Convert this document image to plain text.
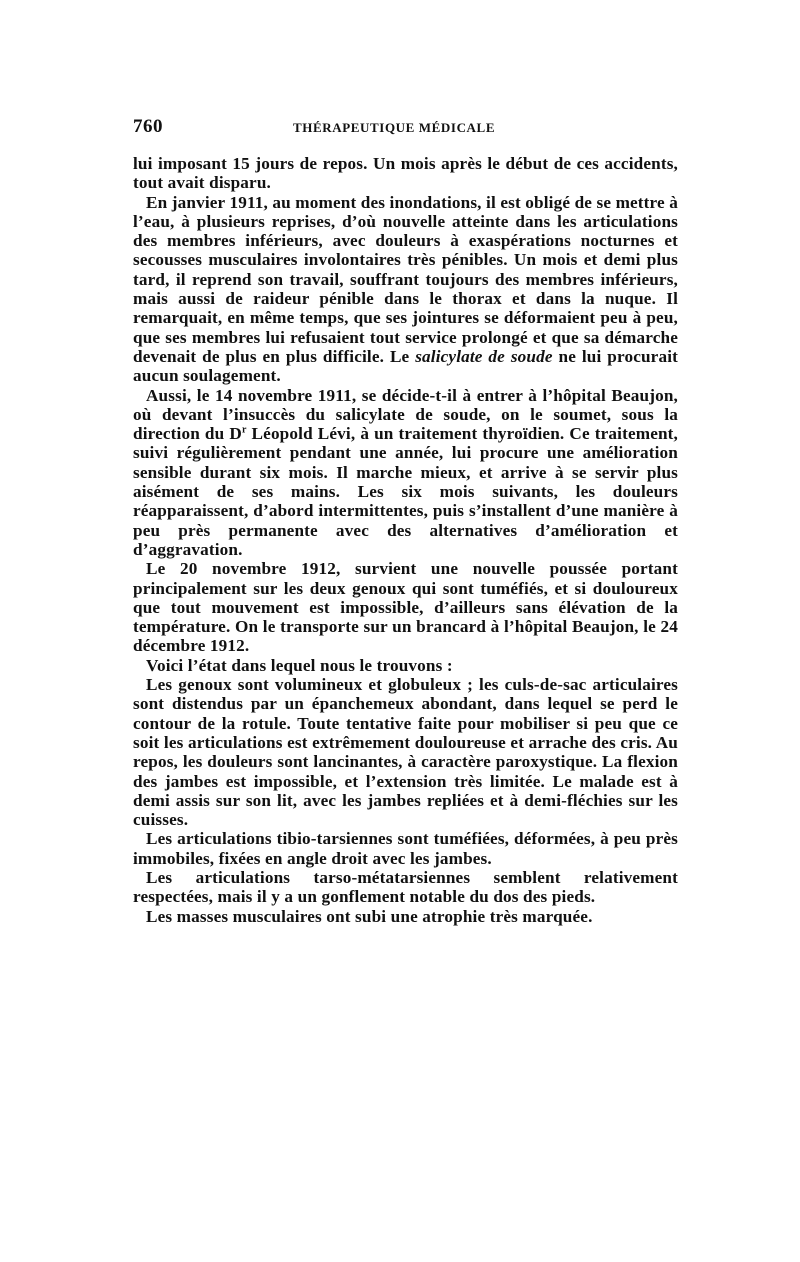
760	THÉRAPEUTIQUE MÉDICALE

lui imposant 15 jours de repos. Un mois après le début de ces accidents, tout avait disparu.

En janvier 1911, au moment des inondations, il est obligé de se mettre à l’eau, à plusieurs reprises, d’où nouvelle atteinte dans les articulations des membres inférieurs, avec douleurs à exaspérations nocturnes et secousses musculaires involontaires très pénibles. Un mois et demi plus tard, il reprend son travail, souffrant toujours des membres inférieurs, mais aussi de raideur pénible dans le thorax et dans la nuque. Il remarquait, en même temps, que ses jointures se déformaient peu à peu, que ses membres lui refusaient tout service prolongé et que sa démarche devenait de plus en plus difficile. Le salicylate de soude ne lui procurait aucun soulagement.

Aussi, le 14 novembre 1911, se décide-t-il à entrer à l’hôpital Beaujon, où devant l’insuccès du salicylate de soude, on le soumet, sous la direction du $D^r$ Léopold Lévi, à un traitement thyroïdien. Ce traitement, suivi régulièrement pendant une année, lui procure une amélioration sensible durant six mois. Il marche mieux, et arrive à se servir plus aisément de ses mains. Les six mois suivants, les douleurs réapparaissent, d’abord intermittentes, puis s’installent d’une manière à peu près permanente avec des alternatives d’amélioration et d’aggravation.

Le 20 novembre 1912, survient une nouvelle poussée portant principalement sur les deux genoux qui sont tuméfiés, et si douloureux que tout mouvement est impossible, d’ailleurs sans élévation de la température. On le transporte sur un brancard à l’hôpital Beaujon, le 24 décembre 1912.

Voici l’état dans lequel nous le trouvons :

Les genoux sont volumineux et globuleux ; les culs-de-sac articulaires sont distendus par un épanchemeux abondant, dans lequel se perd le contour de la rotule. Toute tentative faite pour mobiliser si peu que ce soit les articulations est extrêmement douloureuse et arrache des cris. Au repos, les douleurs sont lancinantes, à caractère paroxystique. La flexion des jambes est impossible, et l’extension très limitée. Le malade est à demi assis sur son lit, avec les jambes repliées et à demi-fléchies sur les cuisses.

Les articulations tibio-tarsiennes sont tuméfiées, déformées, à peu près immobiles, fixées en angle droit avec les jambes.

Les articulations tarso-métatarsiennes semblent relativement respectées, mais il y a un gonflement notable du dos des pieds.

Les masses musculaires ont subi une atrophie très marquée.
